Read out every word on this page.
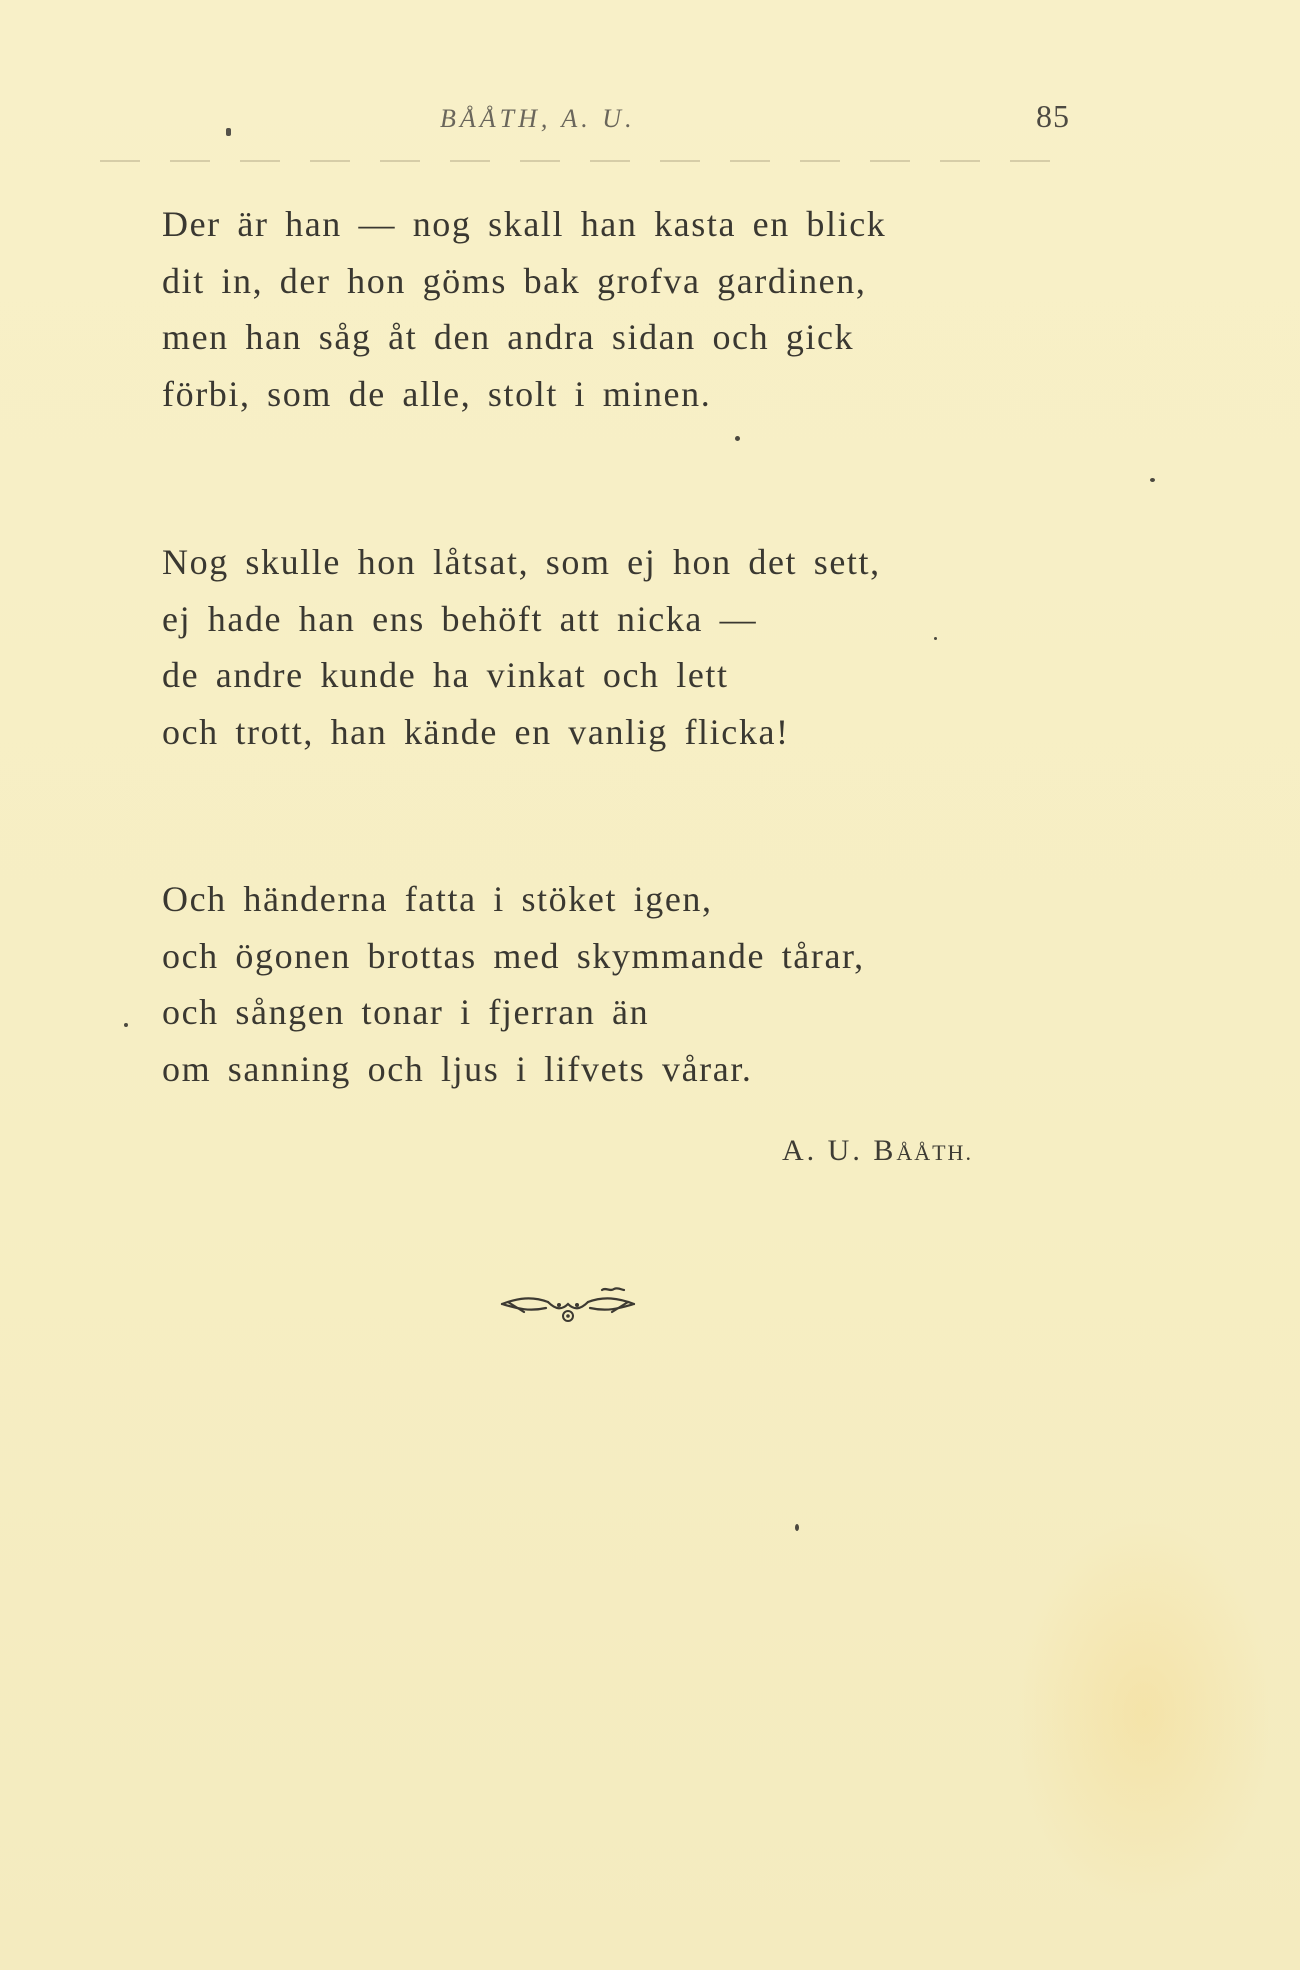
BÅÅTH, A. U.	85
Der är han — nog skall han kasta en blick
dit in, der hon göms bak grofva gardinen,
men han såg åt den andra sidan och gick
förbi, som de alle, stolt i minen.
Nog skulle hon låtsat, som ej hon det sett,
ej hade han ens behöft att nicka —
de andre kunde ha vinkat och lett
och trott, han kände en vanlig flicka!
Och händerna fatta i stöket igen,
och ögonen brottas med skymmande tårar,
och sången tonar i fjerran än
om sanning och ljus i lifvets vårar.
A. U. BÅÅTH.
